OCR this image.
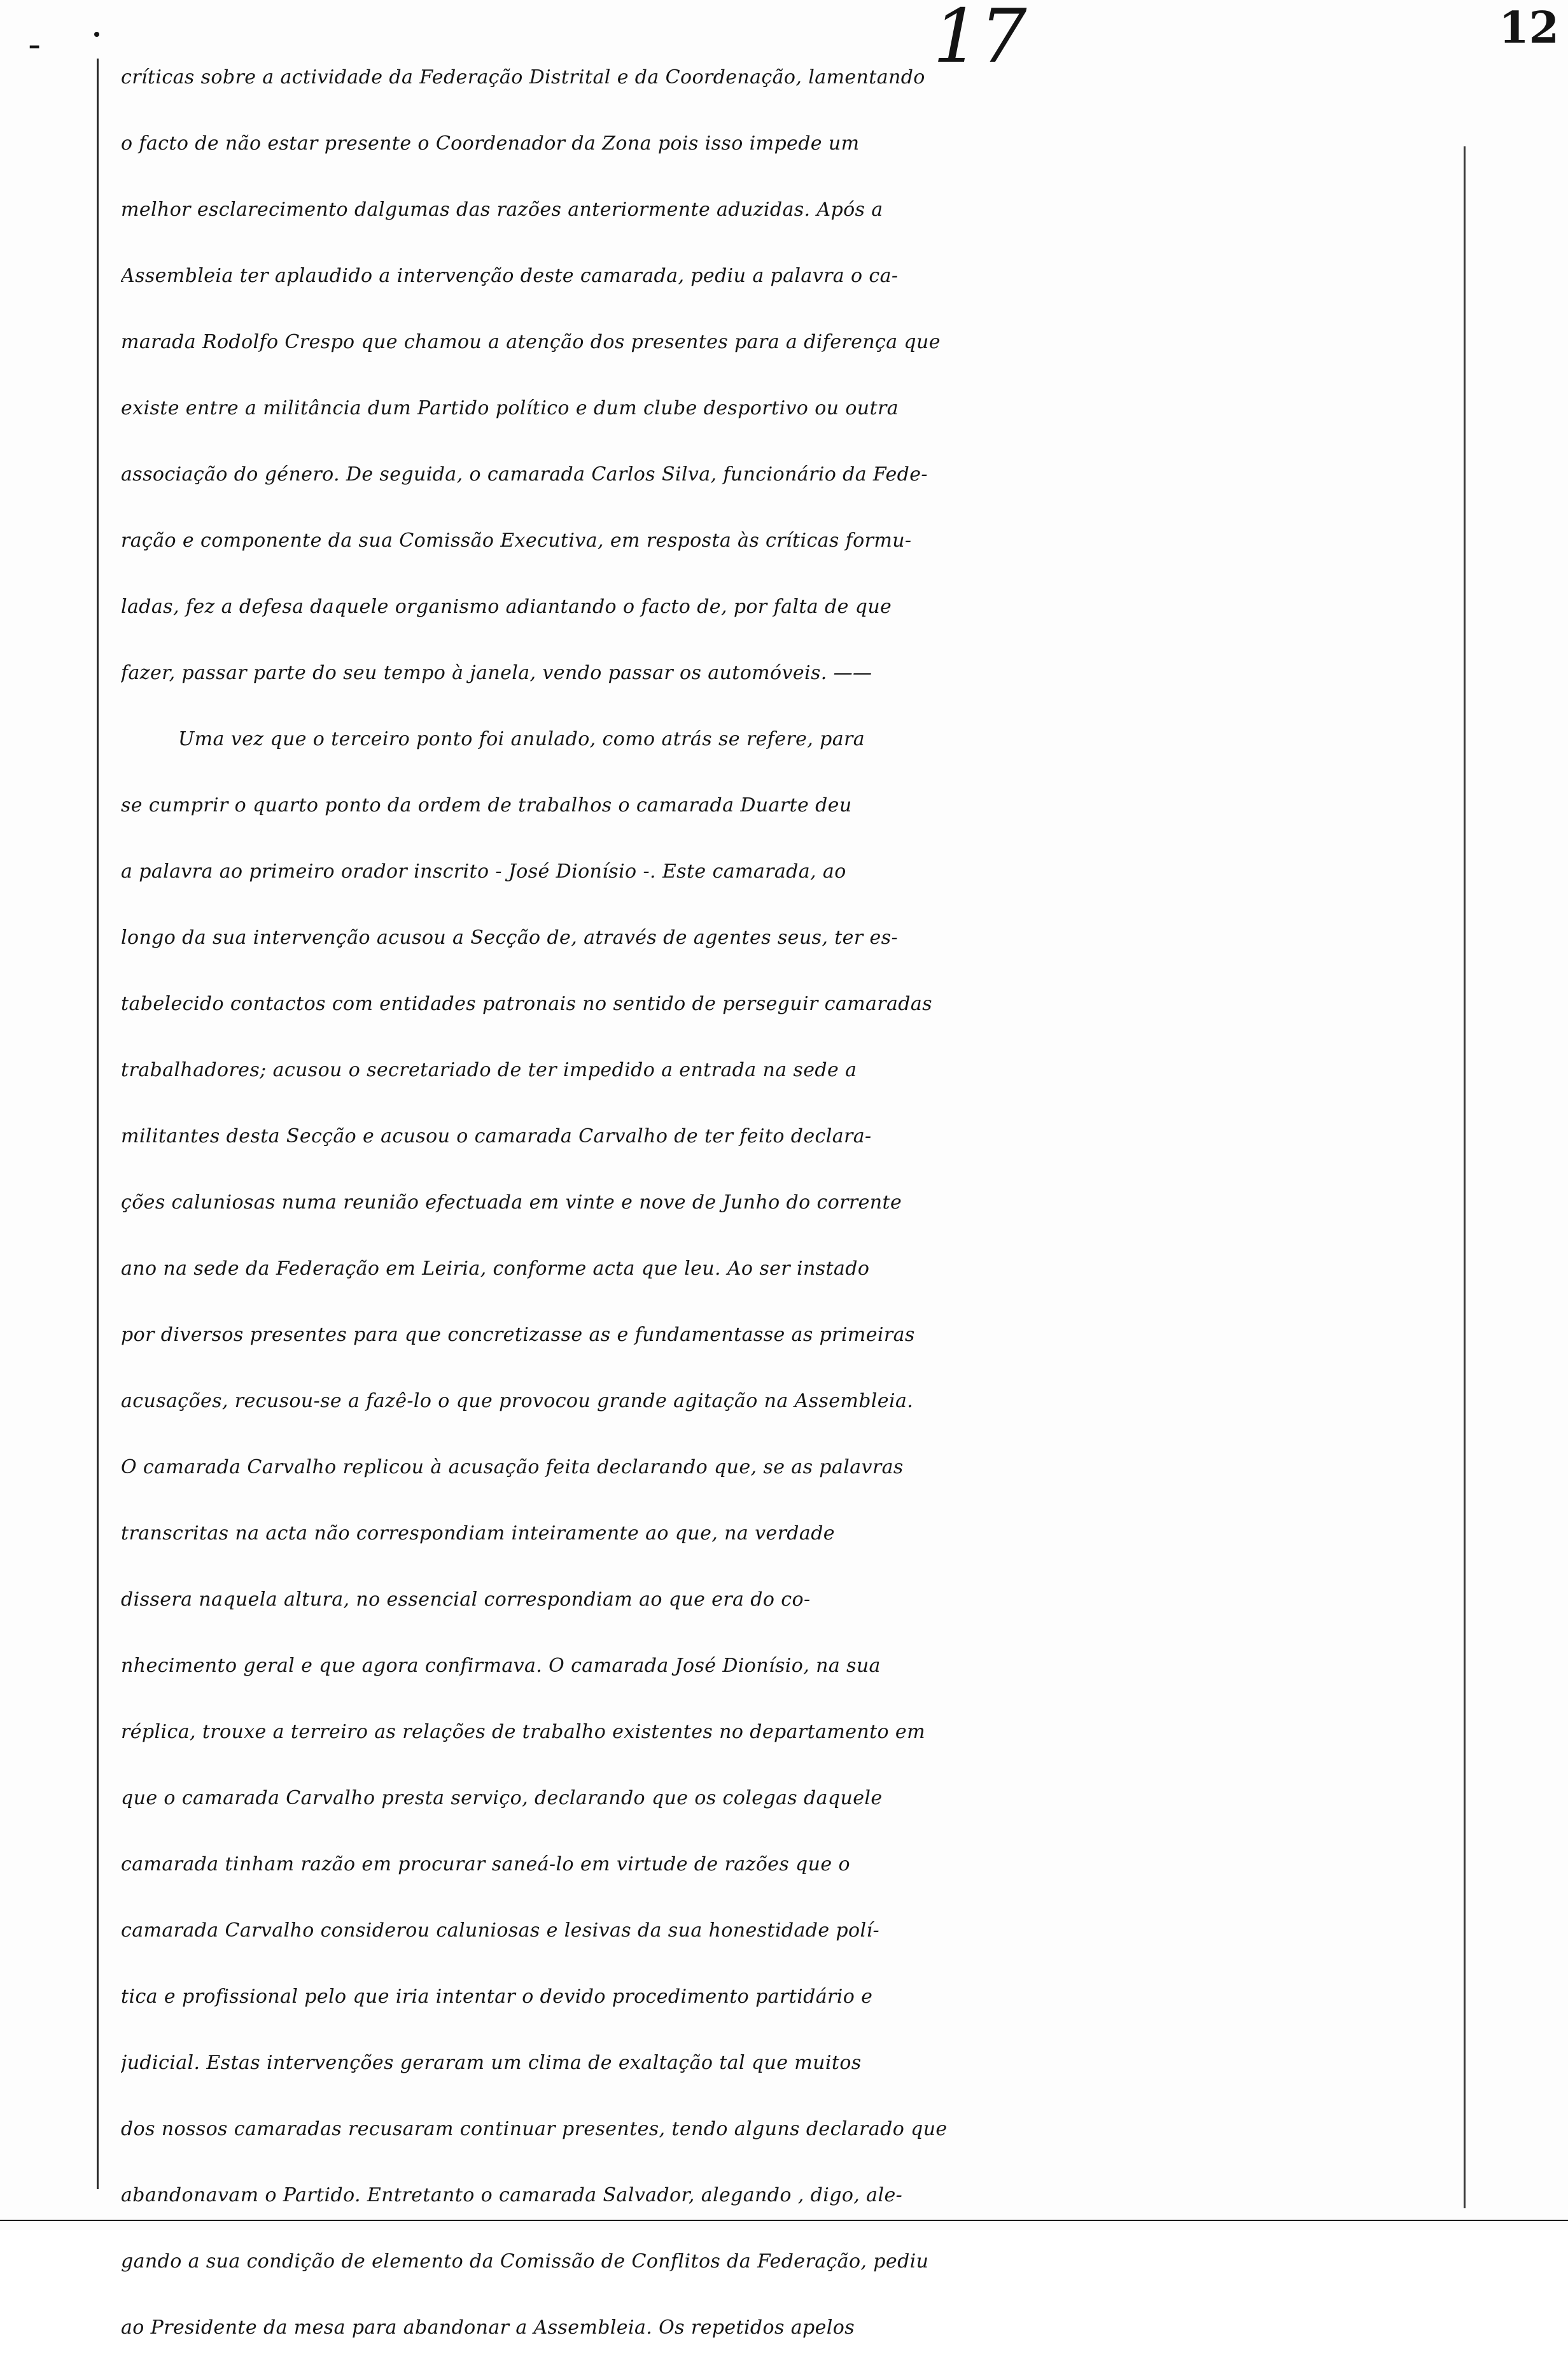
-	17	12
críticas sobre a actividade da Federação Distrital e da Coordenação, lamentando
o facto de não estar presente o Coordenador da Zona pois isso impede um
melhor esclarecimento dalgumas das razões anteriormente aduzidas. Após a
Assembleia ter aplaudido a intervenção deste camarada, pediu a palavra o ca-
marada Rodolfo Crespo que chamou a atenção dos presentes para a diferença que
existe entre a militância dum Partido político e dum clube desportivo ou outra
associação do género. De seguida, o camarada Carlos Silva, funcionário da Fede-
ração e componente da sua Comissão Executiva, em resposta às críticas formu-
ladas, fez a defesa daquele organismo adiantando o facto de, por falta de que
fazer, passar parte do seu tempo à janela, vendo passar os automóveis. ——
Uma vez que o terceiro ponto foi anulado, como atrás se refere, para
se cumprir o quarto ponto da ordem de trabalhos o camarada Duarte deu
a palavra ao primeiro orador inscrito - José Dionísio -. Este camarada, ao
longo da sua intervenção acusou a Secção de, através de agentes seus, ter es-
tabelecido contactos com entidades patronais no sentido de perseguir camaradas
trabalhadores; acusou o secretariado de ter impedido a entrada na sede a
militantes desta Secção e acusou o camarada Carvalho de ter feito declara-
ções caluniosas numa reunião efectuada em vinte e nove de Junho do corrente
ano na sede da Federação em Leiria, conforme acta que leu. Ao ser instado
por diversos presentes para que concretizasse as e fundamentasse as primeiras
acusações, recusou-se a fazê-lo o que provocou grande agitação na Assembleia.
O camarada Carvalho replicou à acusação feita declarando que, se as palavras
transcritas na acta não correspondiam inteiramente ao que, na verdade
dissera naquela altura, no essencial correspondiam ao que era do co-
nhecimento geral e que agora confirmava. O camarada José Dionísio, na sua
réplica, trouxe a terreiro as relações de trabalho existentes no departamento em
que o camarada Carvalho presta serviço, declarando que os colegas daquele
camarada tinham razão em procurar saneá-lo em virtude de razões que o
camarada Carvalho considerou caluniosas e lesivas da sua honestidade polí-
tica e profissional pelo que iria intentar o devido procedimento partidário e
judicial. Estas intervenções geraram um clima de exaltação tal que muitos
dos nossos camaradas recusaram continuar presentes, tendo alguns declarado que
abandonavam o Partido. Entretanto o camarada Salvador, alegando , digo, ale-
gando a sua condição de elemento da Comissão de Conflitos da Federação, pediu
ao Presidente da mesa para abandonar a Assembleia. Os repetidos apelos
